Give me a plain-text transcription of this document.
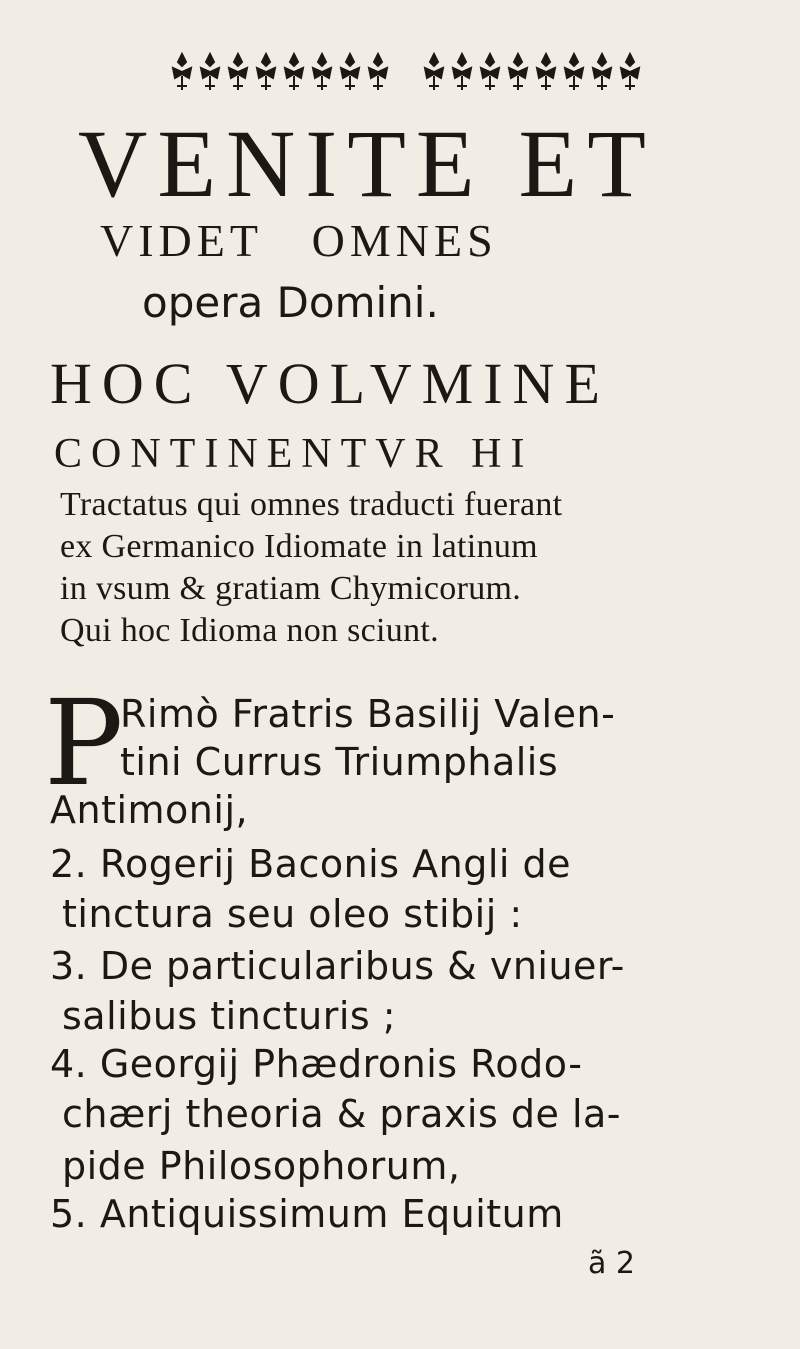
VENITE ET
VIDET   OMNES
opera Domini.
HOC VOLVMINE
CONTINENTVR HI
Tractatus qui omnes traducti fuerant
ex Germanico Idiomate in latinum
in vsum & gratiam Chymicorum.
Qui hoc Idioma non sciunt.
P
Rimò Fratris Basilij Valen-
tini Currus Triumphalis
Antimonij,
2. Rogerij Baconis Angli de
tinctura seu oleo stibij :
3. De particularibus & vniuer-
salibus tincturis ;
4. Georgij Phædronis Rodo-
chærj theoria & praxis de la-
pide Philosophorum,
5. Antiquissimum Equitum
ã 2
